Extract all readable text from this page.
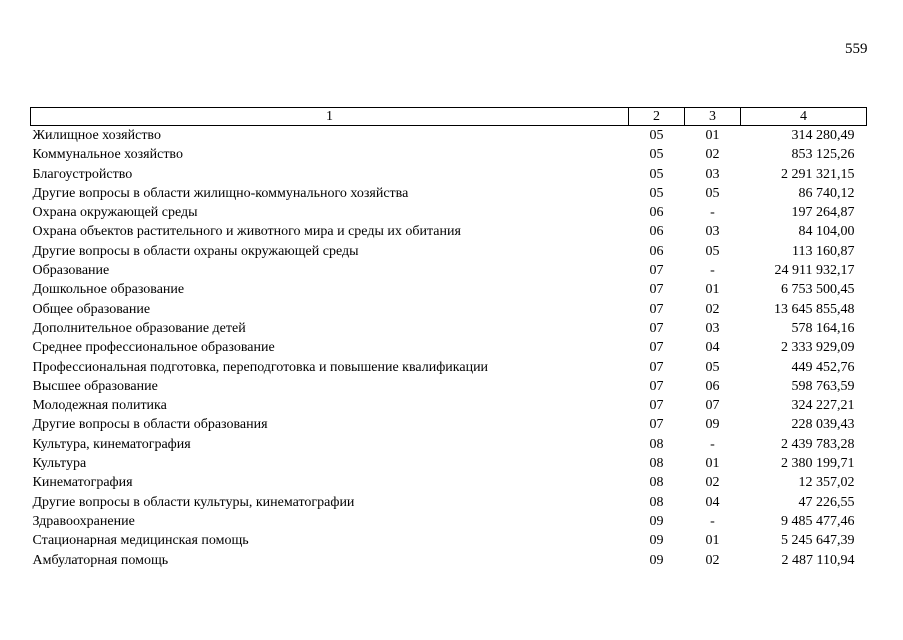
559
1	2	3	4
Жилищное хозяйство	05	01	314 280,49
Коммунальное хозяйство	05	02	853 125,26
Благоустройство	05	03	2 291 321,15
Другие вопросы в области жилищно-коммунального хозяйства	05	05	86 740,12
Охрана окружающей среды	06	-	197 264,87
Охрана объектов растительного и животного мира и среды их обитания	06	03	84 104,00
Другие вопросы в области охраны окружающей среды	06	05	113 160,87
Образование	07	-	24 911 932,17
Дошкольное образование	07	01	6 753 500,45
Общее образование	07	02	13 645 855,48
Дополнительное образование детей	07	03	578 164,16
Среднее профессиональное образование	07	04	2 333 929,09
Профессиональная подготовка, переподготовка и повышение квалификации	07	05	449 452,76
Высшее образование	07	06	598 763,59
Молодежная политика	07	07	324 227,21
Другие вопросы в области образования	07	09	228 039,43
Культура, кинематография	08	-	2 439 783,28
Культура	08	01	2 380 199,71
Кинематография	08	02	12 357,02
Другие вопросы в области культуры, кинематографии	08	04	47 226,55
Здравоохранение	09	-	9 485 477,46
Стационарная медицинская помощь	09	01	5 245 647,39
Амбулаторная помощь	09	02	2 487 110,94
